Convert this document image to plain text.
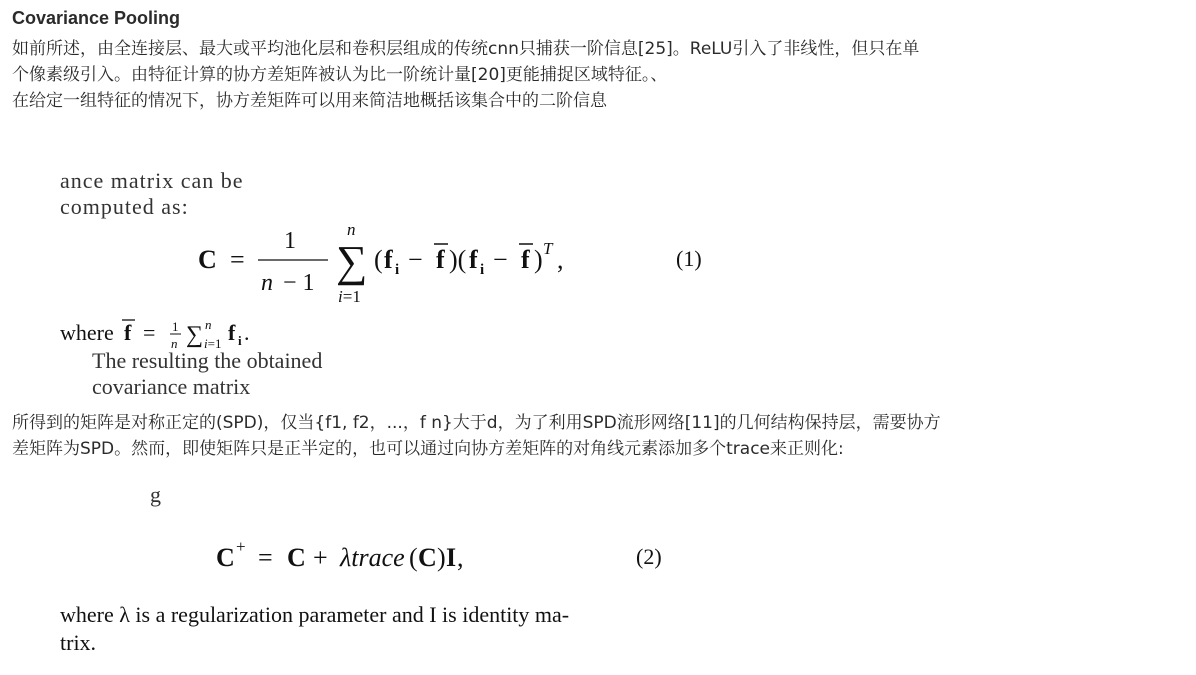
Covariance Pooling
如前所述，由全连接层、最大或平均池化层和卷积层组成的传统cnn只捕获一阶信息[25]。ReLU引入了非线性，但只在单
个像素级引入。由特征计算的协方差矩阵被认为比一阶统计量[20]更能捕捉区域特征。、
在给定一组特征的情况下，协方差矩阵可以用来简洁地概括该集合中的二阶信息
ance matrix can be computed as:
C =
1
n − 1
n
∑
i=1
( f i − f )( f i − f ) T ,
where f = 1
n ∑ n
i=1 f i .
(1)
The resulting the obtained covariance matrix
所得到的矩阵是对称正定的(SPD)，仅当{f1, f2，...，f n}大于d，为了利用SPD流形网络[11]的几何结构保持层，需要协方
差矩阵为SPD。然而，即使矩阵只是正半定的，也可以通过向协方差矩阵的对角线元素添加多个trace来正则化:
g
C + = C + λtrace ( C ) I ,	(2)
where λ is a regularization parameter and I is identity ma-
trix.
